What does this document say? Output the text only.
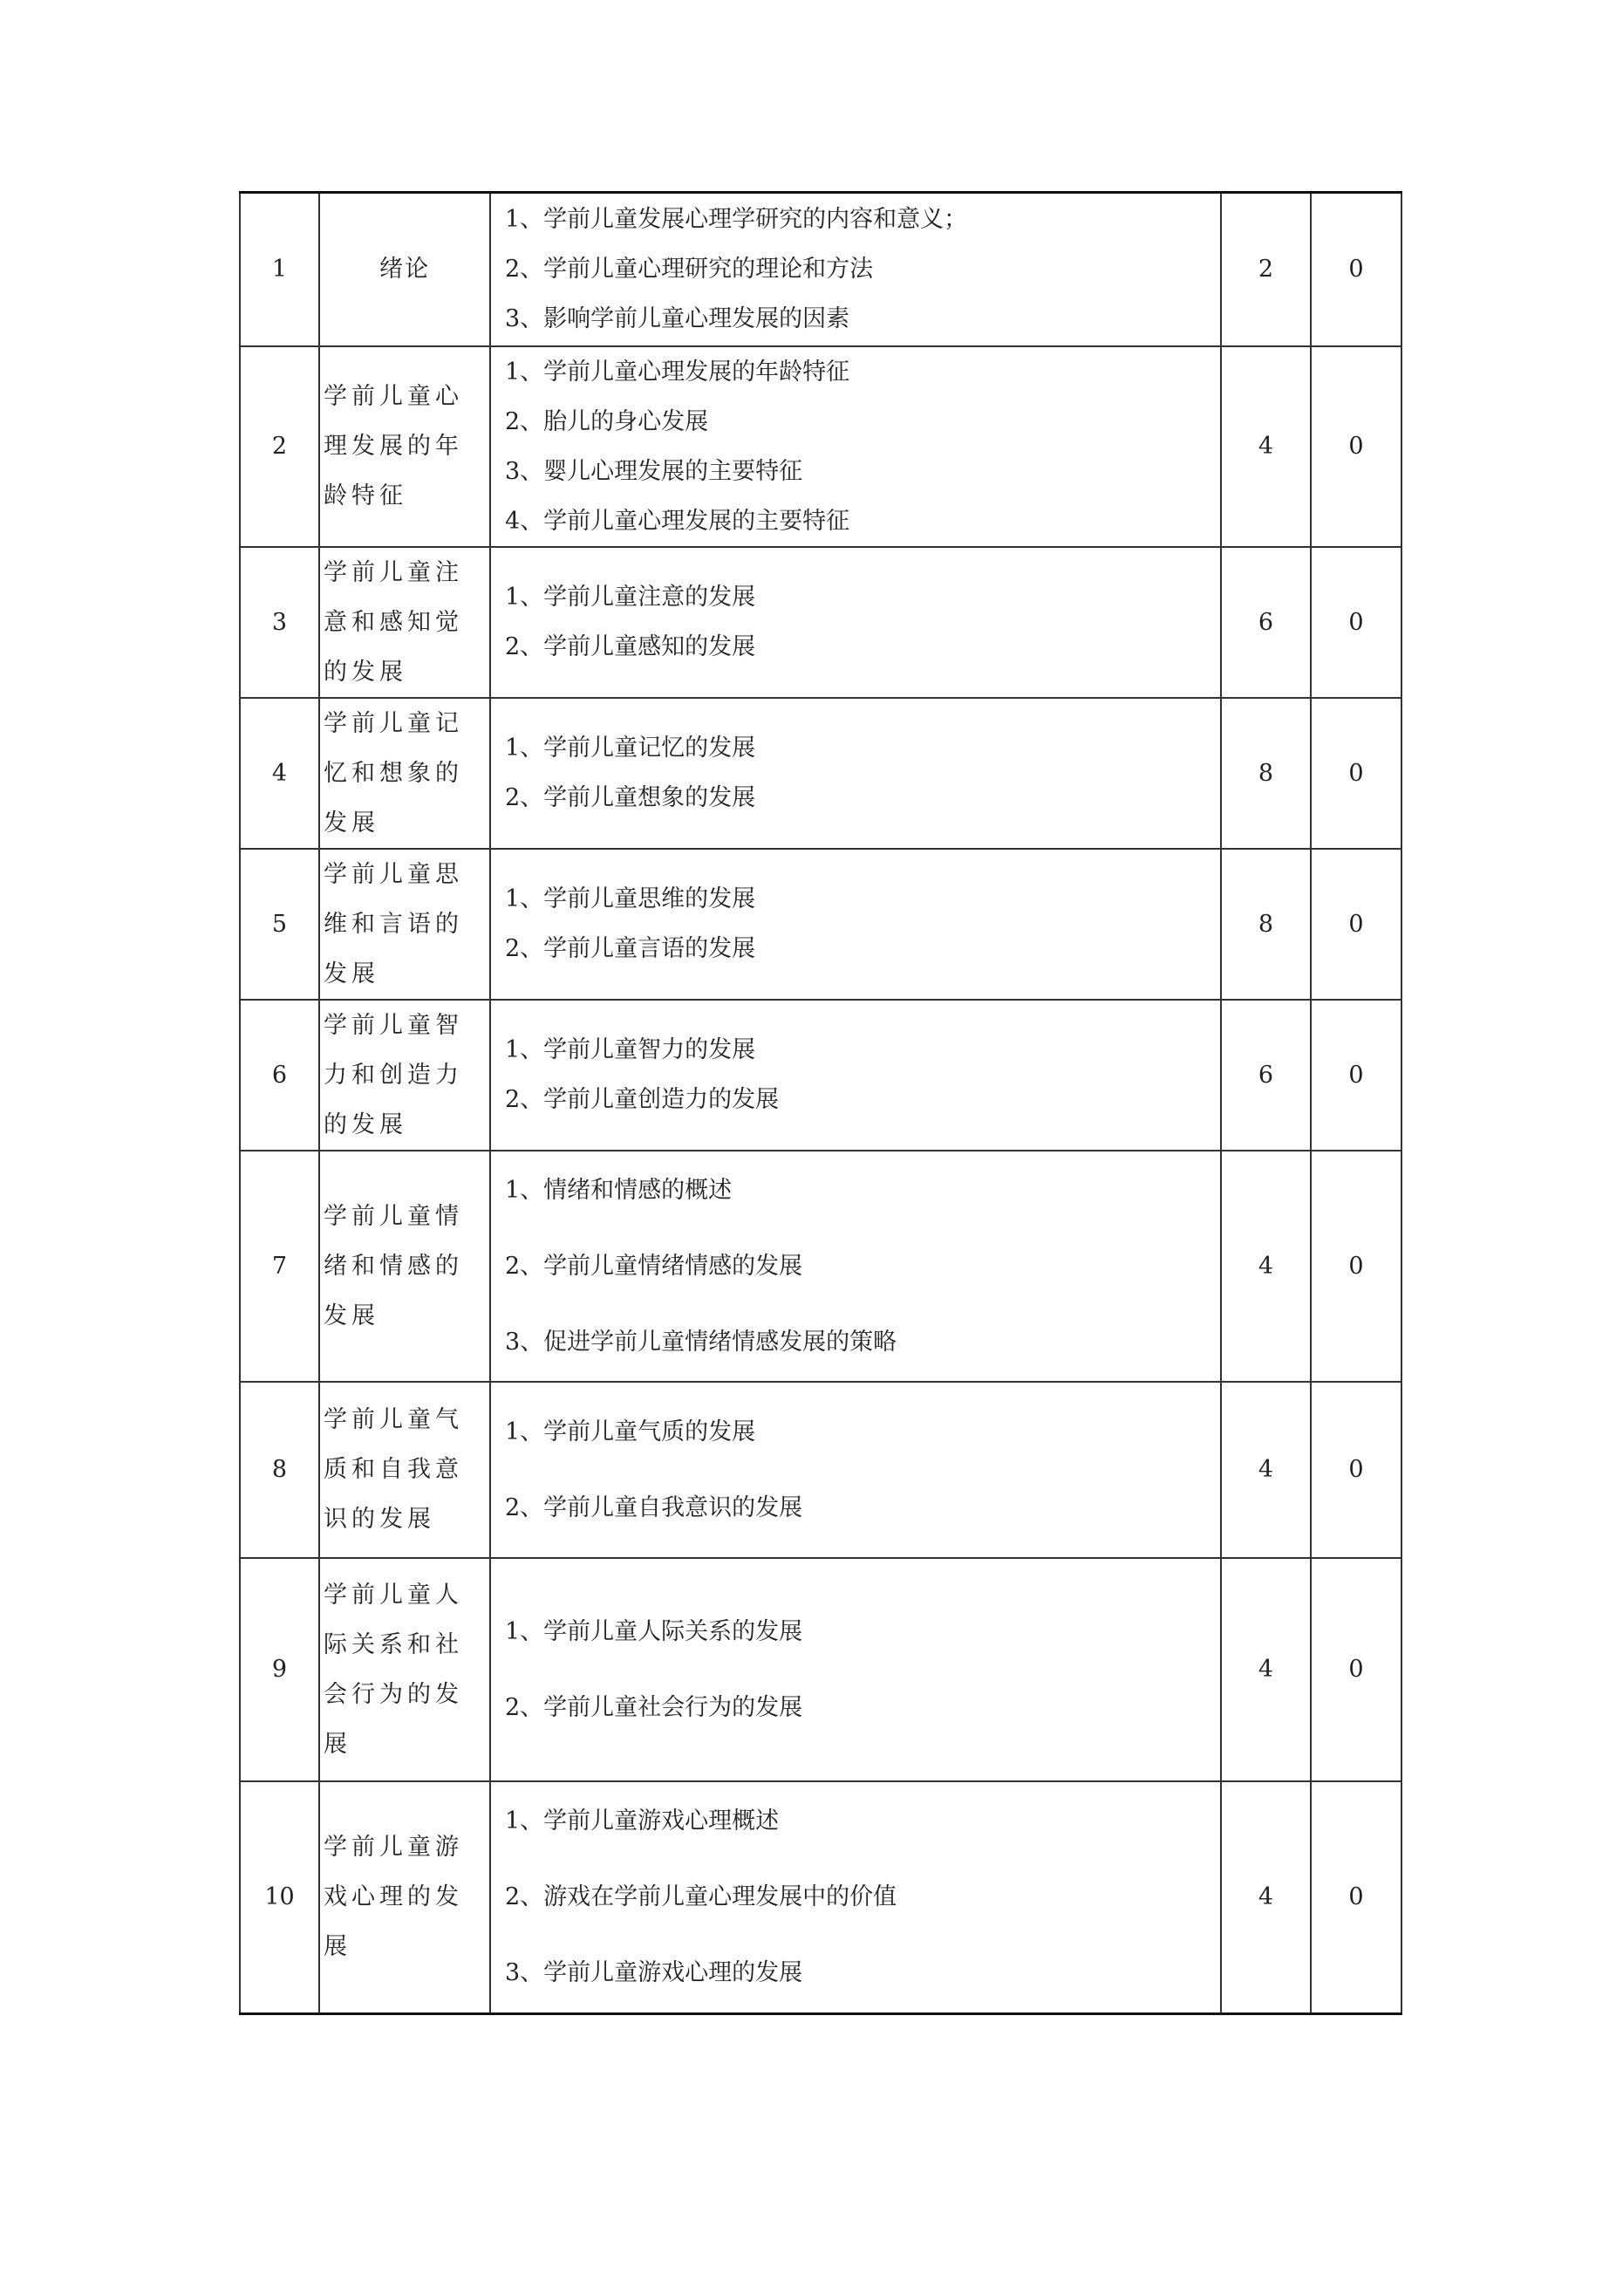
1	绪论	1、学前儿童发展心理学研究的内容和意义；
2、学前儿童心理研究的理论和方法
3、影响学前儿童心理发展的因素	2	0
2	学前儿童心理发展的年龄特征	1、学前儿童心理发展的年龄特征
2、胎儿的身心发展
3、婴儿心理发展的主要特征
4、学前儿童心理发展的主要特征	4	0
3	学前儿童注意和感知觉的发展	1、学前儿童注意的发展
2、学前儿童感知的发展	6	0
4	学前儿童记忆和想象的发展	1、学前儿童记忆的发展
2、学前儿童想象的发展	8	0
5	学前儿童思维和言语的发展	1、学前儿童思维的发展
2、学前儿童言语的发展	8	0
6	学前儿童智力和创造力的发展	1、学前儿童智力的发展
2、学前儿童创造力的发展	6	0
7	学前儿童情绪和情感的发展	1、情绪和情感的概述
2、学前儿童情绪情感的发展
3、促进学前儿童情绪情感发展的策略	4	0
8	学前儿童气质和自我意识的发展	1、学前儿童气质的发展
2、学前儿童自我意识的发展	4	0
9	学前儿童人际关系和社会行为的发展	1、学前儿童人际关系的发展
2、学前儿童社会行为的发展	4	0
10	学前儿童游戏心理的发展	1、学前儿童游戏心理概述
2、游戏在学前儿童心理发展中的价值
3、学前儿童游戏心理的发展	4	0
